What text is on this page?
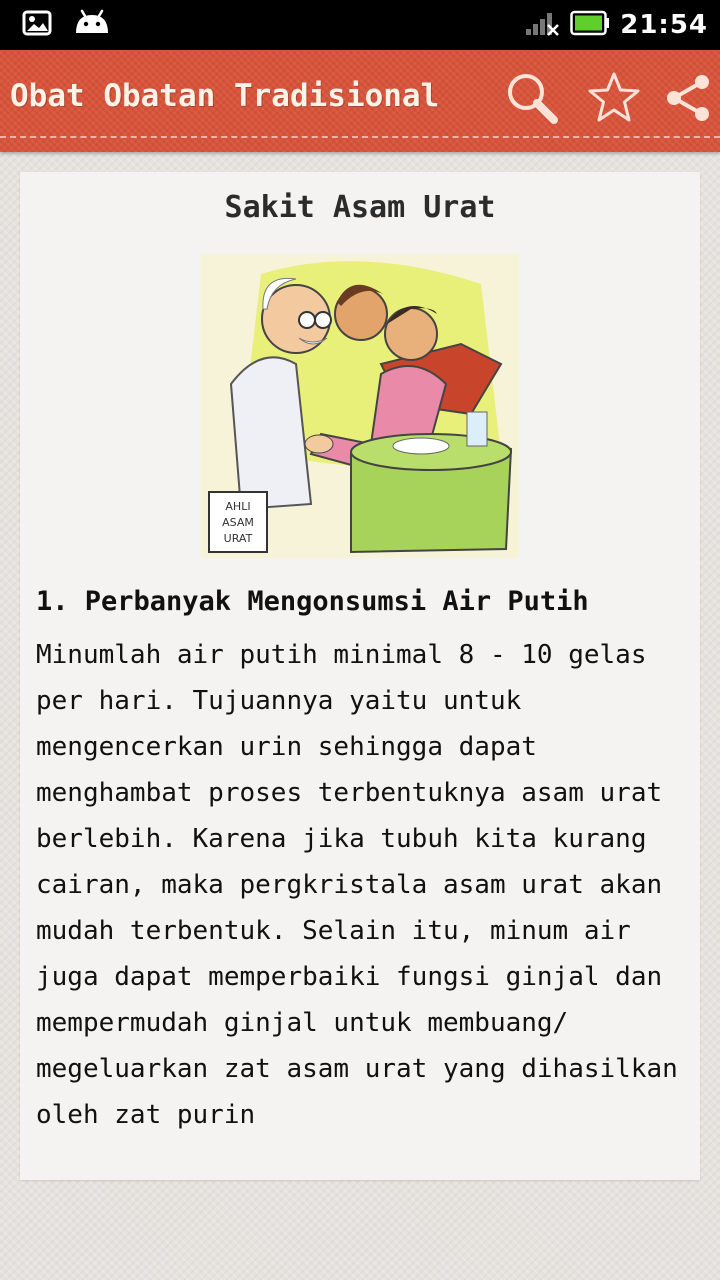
21:54
Obat Obatan Tradisional
Sakit Asam Urat
AHLI
ASAM
URAT
1. Perbanyak Mengonsumsi Air Putih
Minumlah air putih minimal 8 - 10 gelas per hari. Tujuannya yaitu untuk mengencerkan urin sehingga dapat menghambat proses terbentuknya asam urat berlebih. Karena jika tubuh kita kurang cairan, maka pergkristala asam urat akan mudah terbentuk. Selain itu, minum air juga dapat memperbaiki fungsi ginjal dan mempermudah ginjal untuk membuang/ megeluarkan zat asam urat yang dihasilkan oleh zat purin
